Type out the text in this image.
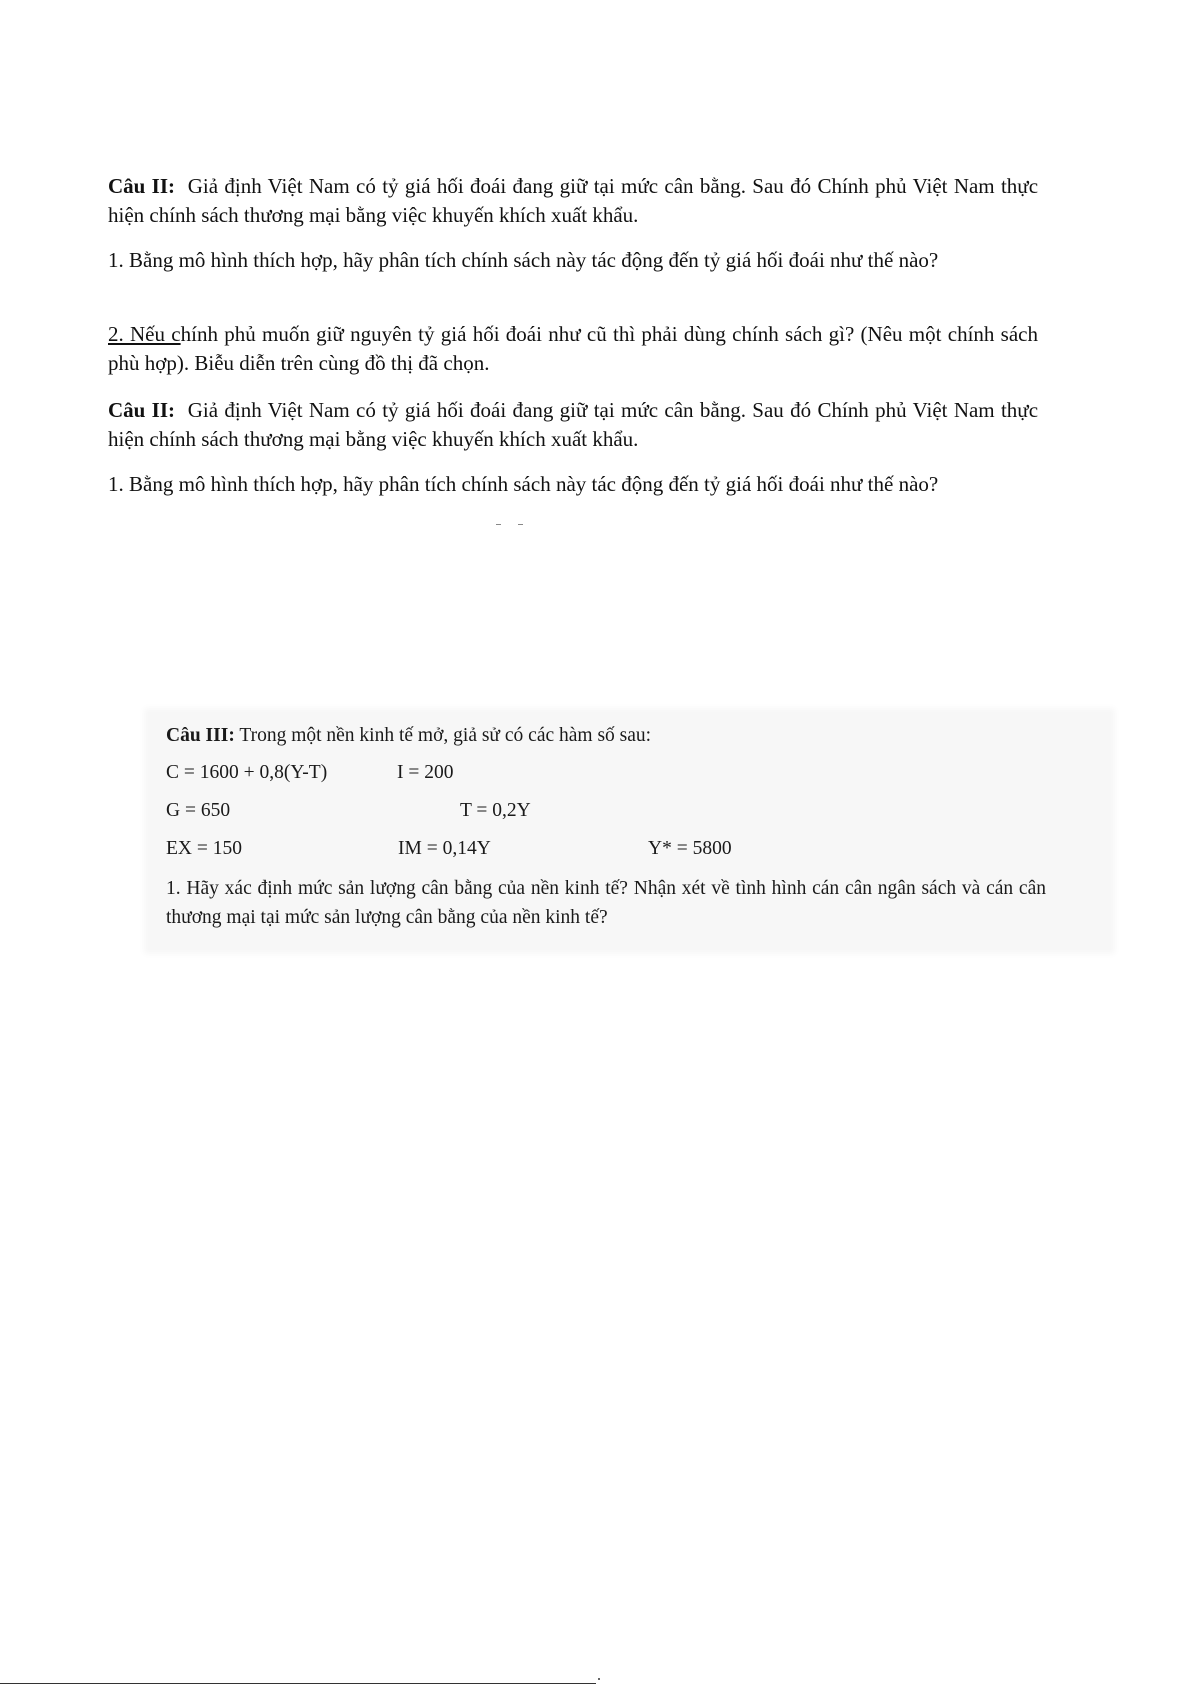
Câu II: Giả định Việt Nam có tỷ giá hối đoái đang giữ tại mức cân bằng. Sau đó Chính phủ Việt Nam thực hiện chính sách thương mại bằng việc khuyến khích xuất khẩu.

1. Bằng mô hình thích hợp, hãy phân tích chính sách này tác động đến tỷ giá hối đoái như thế nào?

2. Nếu chính phủ muốn giữ nguyên tỷ giá hối đoái như cũ thì phải dùng chính sách gì? (Nêu một chính sách phù hợp). Biễu diễn trên cùng đồ thị đã chọn.

Câu II: Giả định Việt Nam có tỷ giá hối đoái đang giữ tại mức cân bằng. Sau đó Chính phủ Việt Nam thực hiện chính sách thương mại bằng việc khuyến khích xuất khẩu.

1. Bằng mô hình thích hợp, hãy phân tích chính sách này tác động đến tỷ giá hối đoái như thế nào?

Câu III: Trong một nền kinh tế mở, giả sử có các hàm số sau:
C = 1600 + 0,8(Y-T)	I = 200
G = 650	T = 0,2Y
EX = 150	IM = 0,14Y	Y* = 5800
1. Hãy xác định mức sản lượng cân bằng của nền kinh tế? Nhận xét về tình hình cán cân ngân sách và cán cân thương mại tại mức sản lượng cân bằng của nền kinh tế?
